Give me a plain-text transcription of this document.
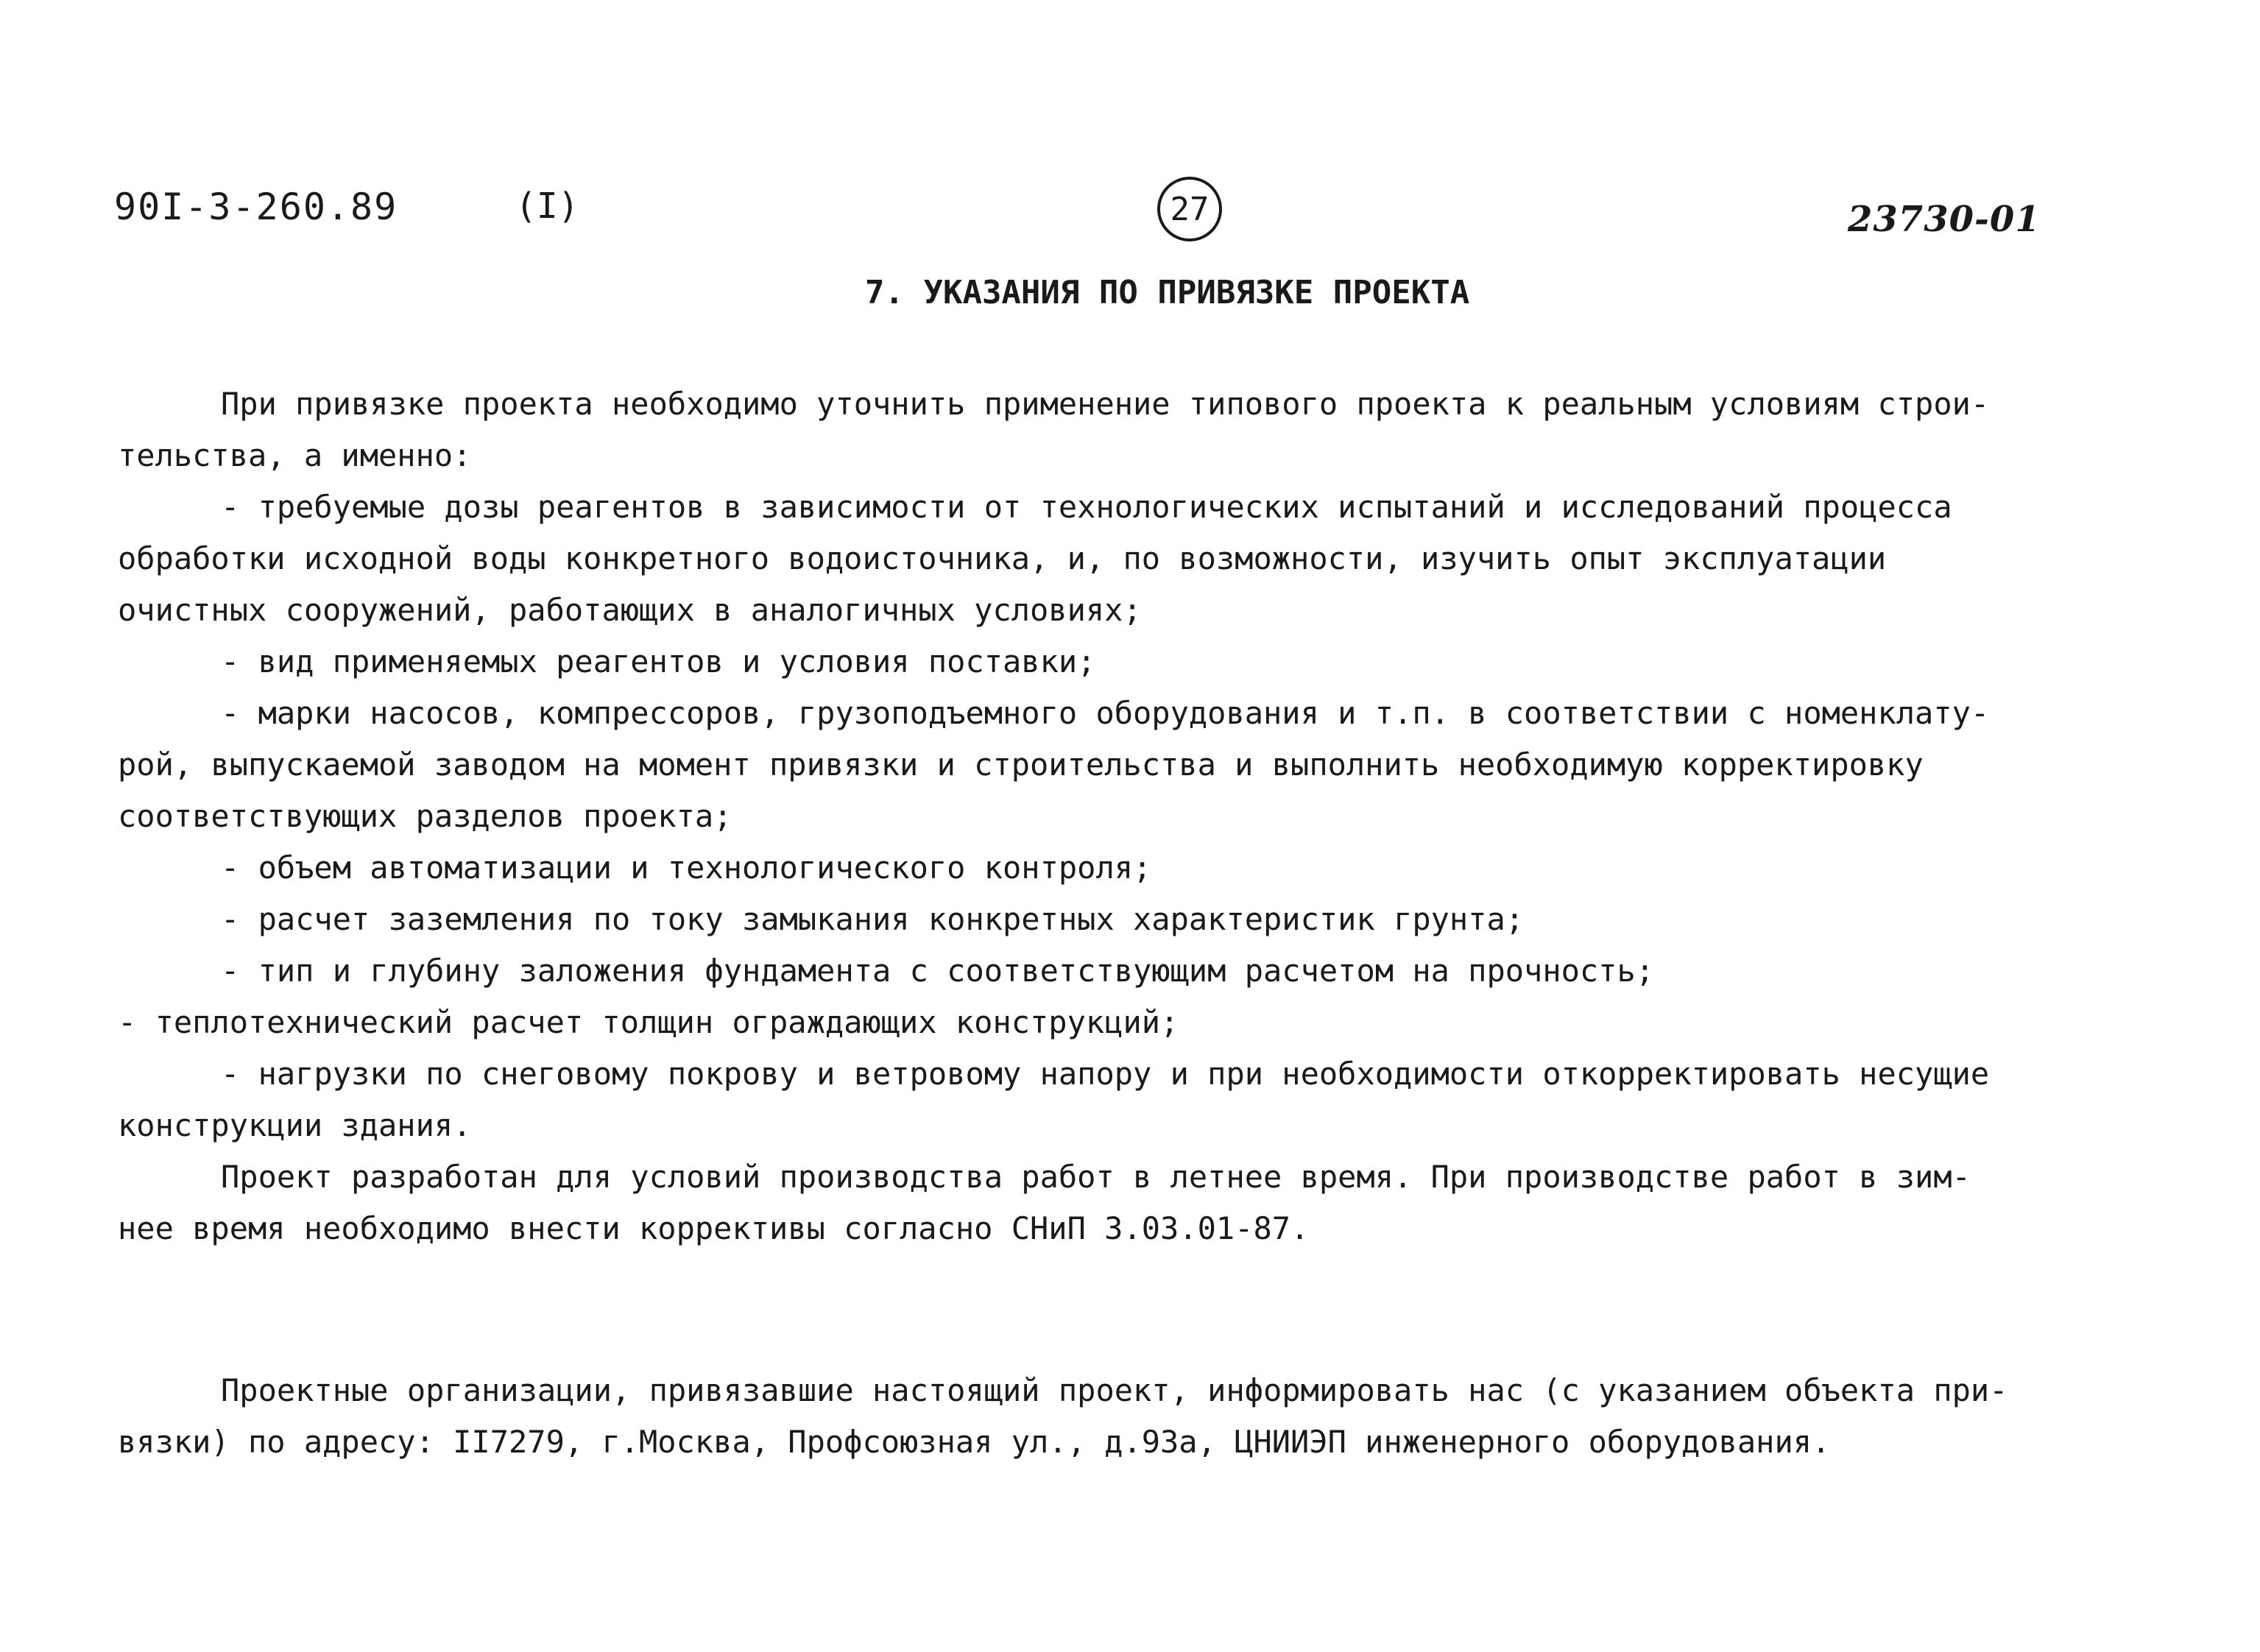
90I-3-260.89	(I)	27	23730-01
7. УКАЗАНИЯ ПО ПРИВЯЗКЕ ПРОЕКТА
При привязке проекта необходимо уточнить применение типового проекта к реальным условиям строи-
тельства, а именно:
- требуемые дозы реагентов в зависимости от технологических испытаний и исследований процесса
обработки исходной воды конкретного водоисточника, и, по возможности, изучить опыт эксплуатации
очистных сооружений, работающих в аналогичных условиях;
- вид применяемых реагентов и условия поставки;
- марки насосов, компрессоров, грузоподъемного оборудования и т.п. в соответствии с номенклату-
рой, выпускаемой заводом на момент привязки и строительства и выполнить необходимую корректировку
соответствующих разделов проекта;
- объем автоматизации и технологического контроля;
- расчет заземления по току замыкания конкретных характеристик грунта;
- тип и глубину заложения фундамента с соответствующим расчетом на прочность;
- теплотехнический расчет толщин ограждающих конструкций;
- нагрузки по снеговому покрову и ветровому напору и при необходимости откорректировать несущие
конструкции здания.
Проект разработан для условий производства работ в летнее время. При производстве работ в зим-
нее время необходимо внести коррективы согласно СНиП 3.03.01-87.
Проектные организации, привязавшие настоящий проект, информировать нас (с указанием объекта при-
вязки) по адресу: II7279, г.Москва, Профсоюзная ул., д.93а, ЦНИИЭП инженерного оборудования.
